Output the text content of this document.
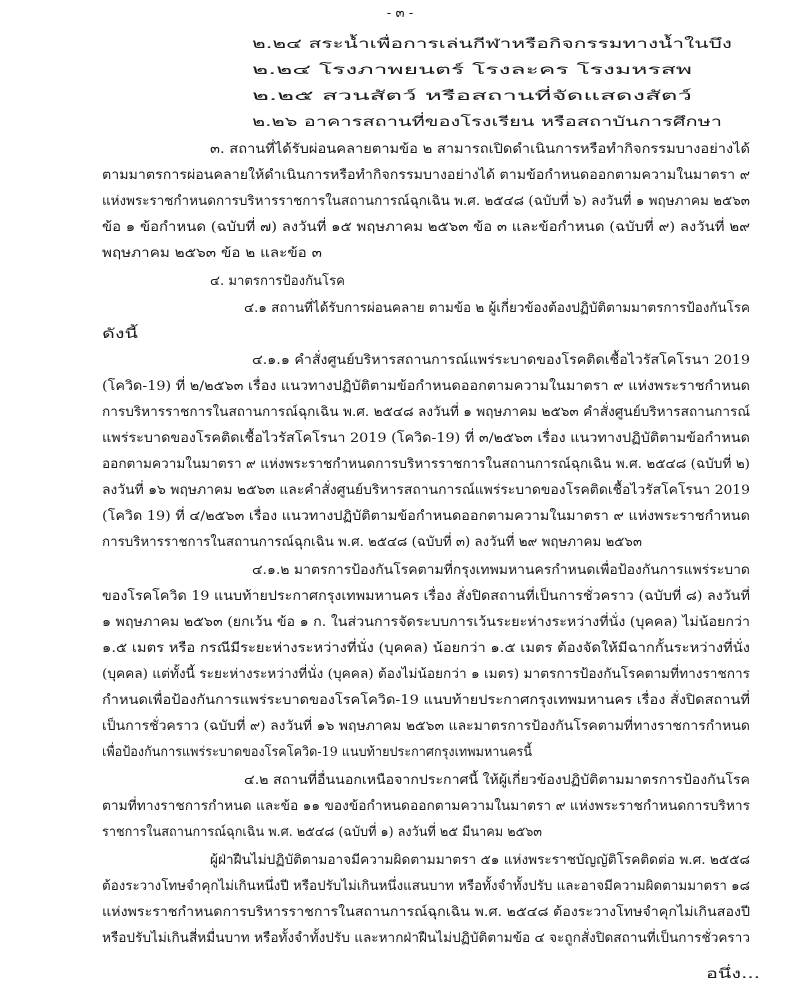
- ๓ -
๒.๒๔ สระน้ำเพื่อการเล่นกีฬาหรือกิจกรรมทางน้ำในบึง
๒.๒๔ โรงภาพยนตร์ โรงละคร โรงมหรสพ
๒.๒๕ สวนสัตว์ หรือสถานที่จัดแสดงสัตว์
๒.๒๖ อาคารสถานที่ของโรงเรียน หรือสถาบันการศึกษา
๓. สถานที่ได้รับผ่อนคลายตามข้อ ๒ สามารถเปิดดำเนินการหรือทำกิจกรรมบางอย่างได้
ตามมาตรการผ่อนคลายให้ดำเนินการหรือทำกิจกรรมบางอย่างได้ ตามข้อกำหนดออกตามความในมาตรา ๙
แห่งพระราชกำหนดการบริหารราชการในสถานการณ์ฉุกเฉิน พ.ศ. ๒๕๔๘ (ฉบับที่ ๖) ลงวันที่ ๑ พฤษภาคม ๒๕๖๓
ข้อ ๑ ข้อกำหนด (ฉบับที่ ๗) ลงวันที่ ๑๕ พฤษภาคม ๒๕๖๓ ข้อ ๓ และข้อกำหนด (ฉบับที่ ๙) ลงวันที่ ๒๙
พฤษภาคม ๒๕๖๓ ข้อ ๒ และข้อ ๓
๔. มาตรการป้องกันโรค
๔.๑ สถานที่ได้รับการผ่อนคลาย ตามข้อ ๒ ผู้เกี่ยวข้องต้องปฏิบัติตามมาตรการป้องกันโรค
ดังนี้
๔.๑.๑ คำสั่งศูนย์บริหารสถานการณ์แพร่ระบาดของโรคติดเชื้อไวรัสโคโรนา 2019
(โควิด-19) ที่ ๒/๒๕๖๓ เรื่อง แนวทางปฏิบัติตามข้อกำหนดออกตามความในมาตรา ๙ แห่งพระราชกำหนด
การบริหารราชการในสถานการณ์ฉุกเฉิน พ.ศ. ๒๕๔๘ ลงวันที่ ๑ พฤษภาคม ๒๕๖๓ คำสั่งศูนย์บริหารสถานการณ์
แพร่ระบาดของโรคติดเชื้อไวรัสโคโรนา 2019 (โควิด-19) ที่ ๓/๒๕๖๓ เรื่อง แนวทางปฏิบัติตามข้อกำหนด
ออกตามความในมาตรา ๙ แห่งพระราชกำหนดการบริหารราชการในสถานการณ์ฉุกเฉิน พ.ศ. ๒๕๔๘ (ฉบับที่ ๒)
ลงวันที่ ๑๖ พฤษภาคม ๒๕๖๓ และคำสั่งศูนย์บริหารสถานการณ์แพร่ระบาดของโรคติดเชื้อไวรัสโคโรนา 2019
(โควิด 19) ที่ ๔/๒๕๖๓ เรื่อง แนวทางปฏิบัติตามข้อกำหนดออกตามความในมาตรา ๙ แห่งพระราชกำหนด
การบริหารราชการในสถานการณ์ฉุกเฉิน พ.ศ. ๒๕๔๘ (ฉบับที่ ๓) ลงวันที่ ๒๙ พฤษภาคม ๒๕๖๓
๔.๑.๒ มาตรการป้องกันโรคตามที่กรุงเทพมหานครกำหนดเพื่อป้องกันการแพร่ระบาด
ของโรคโควิด 19 แนบท้ายประกาศกรุงเทพมหานคร เรื่อง สั่งปิดสถานที่เป็นการชั่วคราว (ฉบับที่ ๘) ลงวันที่
๑ พฤษภาคม ๒๕๖๓ (ยกเว้น ข้อ ๑ ก. ในส่วนการจัดระบบการเว้นระยะห่างระหว่างที่นั่ง (บุคคล) ไม่น้อยกว่า
๑.๕ เมตร หรือ กรณีมีระยะห่างระหว่างที่นั่ง (บุคคล) น้อยกว่า ๑.๕ เมตร ต้องจัดให้มีฉากกั้นระหว่างที่นั่ง
(บุคคล) แต่ทั้งนี้ ระยะห่างระหว่างที่นั่ง (บุคคล) ต้องไม่น้อยกว่า ๑ เมตร) มาตรการป้องกันโรคตามที่ทางราชการ
กำหนดเพื่อป้องกันการแพร่ระบาดของโรคโควิด-19 แนบท้ายประกาศกรุงเทพมหานคร เรื่อง สั่งปิดสถานที่
เป็นการชั่วคราว (ฉบับที่ ๙) ลงวันที่ ๑๖ พฤษภาคม ๒๕๖๓ และมาตรการป้องกันโรคตามที่ทางราชการกำหนด
เพื่อป้องกันการแพร่ระบาดของโรคโควิด-19 แนบท้ายประกาศกรุงเทพมหานครนี้
๔.๒ สถานที่อื่นนอกเหนือจากประกาศนี้ ให้ผู้เกี่ยวข้องปฏิบัติตามมาตรการป้องกันโรค
ตามที่ทางราชการกำหนด และข้อ ๑๑ ของข้อกำหนดออกตามความในมาตรา ๙ แห่งพระราชกำหนดการบริหาร
ราชการในสถานการณ์ฉุกเฉิน พ.ศ. ๒๕๔๘ (ฉบับที่ ๑) ลงวันที่ ๒๕ มีนาคม ๒๕๖๓
ผู้ฝ่าฝืนไม่ปฏิบัติตามอาจมีความผิดตามมาตรา ๕๑ แห่งพระราชบัญญัติโรคติดต่อ พ.ศ. ๒๕๕๘
ต้องระวางโทษจำคุกไม่เกินหนึ่งปี หรือปรับไม่เกินหนึ่งแสนบาท หรือทั้งจำทั้งปรับ และอาจมีความผิดตามมาตรา ๑๘
แห่งพระราชกำหนดการบริหารราชการในสถานการณ์ฉุกเฉิน พ.ศ. ๒๕๔๘ ต้องระวางโทษจำคุกไม่เกินสองปี
หรือปรับไม่เกินสี่หมื่นบาท หรือทั้งจำทั้งปรับ และหากฝ่าฝืนไม่ปฏิบัติตามข้อ ๔ จะถูกสั่งปิดสถานที่เป็นการชั่วคราว
อนึ่ง...
